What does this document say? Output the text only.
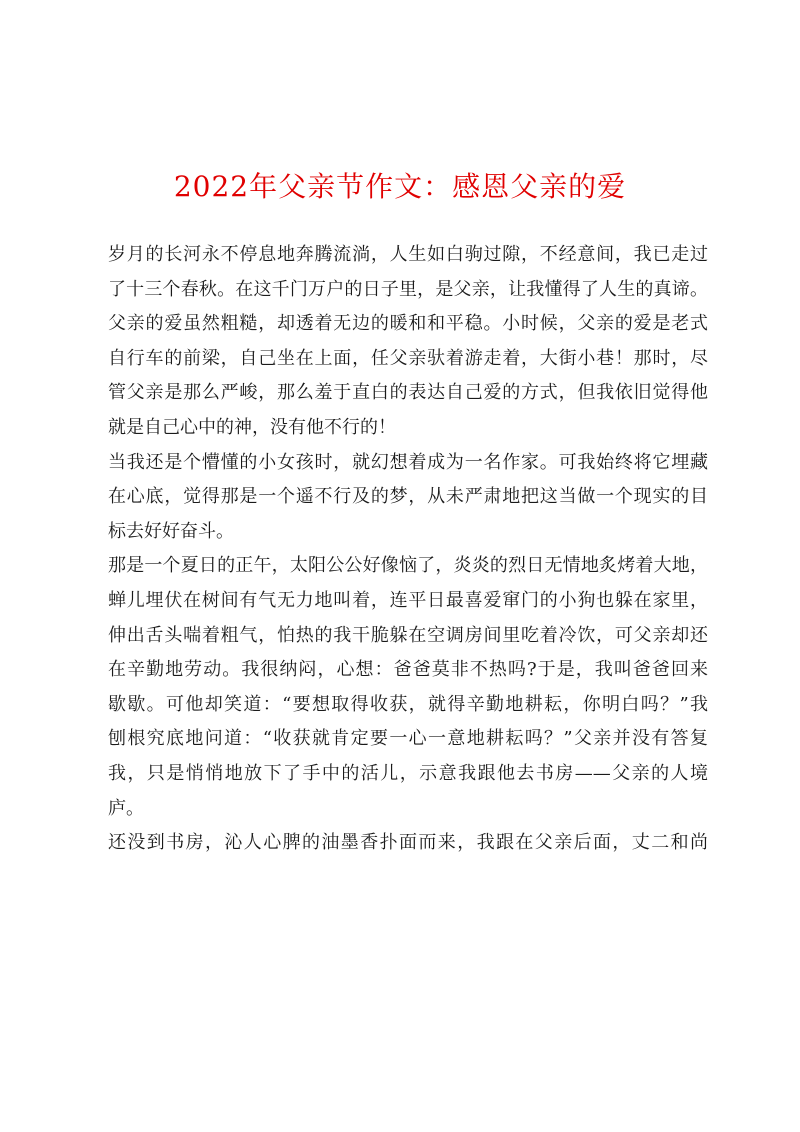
2022年父亲节作文：感恩父亲的爱
岁月的长河永不停息地奔腾流淌，人生如白驹过隙，不经意间，我已走过
了十三个春秋。在这千门万户的日子里，是父亲，让我懂得了人生的真谛。
父亲的爱虽然粗糙，却透着无边的暖和和平稳。小时候，父亲的爱是老式
自行车的前梁，自己坐在上面，任父亲驮着游走着，大街小巷！那时，尽
管父亲是那么严峻，那么羞于直白的表达自己爱的方式，但我依旧觉得他
就是自己心中的神，没有他不行的！
当我还是个懵懂的小女孩时，就幻想着成为一名作家。可我始终将它埋藏
在心底，觉得那是一个遥不行及的梦，从未严肃地把这当做一个现实的目
标去好好奋斗。
那是一个夏日的正午，太阳公公好像恼了，炎炎的烈日无情地炙烤着大地，
蝉儿埋伏在树间有气无力地叫着，连平日最喜爱窜门的小狗也躲在家里，
伸出舌头喘着粗气，怕热的我干脆躲在空调房间里吃着冷饮，可父亲却还
在辛勤地劳动。我很纳闷，心想：爸爸莫非不热吗?于是，我叫爸爸回来
歇歇。可他却笑道：“要想取得收获，就得辛勤地耕耘，你明白吗？”我
刨根究底地问道：“收获就肯定要一心一意地耕耘吗？”父亲并没有答复
我，只是悄悄地放下了手中的活儿，示意我跟他去书房——父亲的人境
庐。
还没到书房，沁人心脾的油墨香扑面而来，我跟在父亲后面，丈二和尚
